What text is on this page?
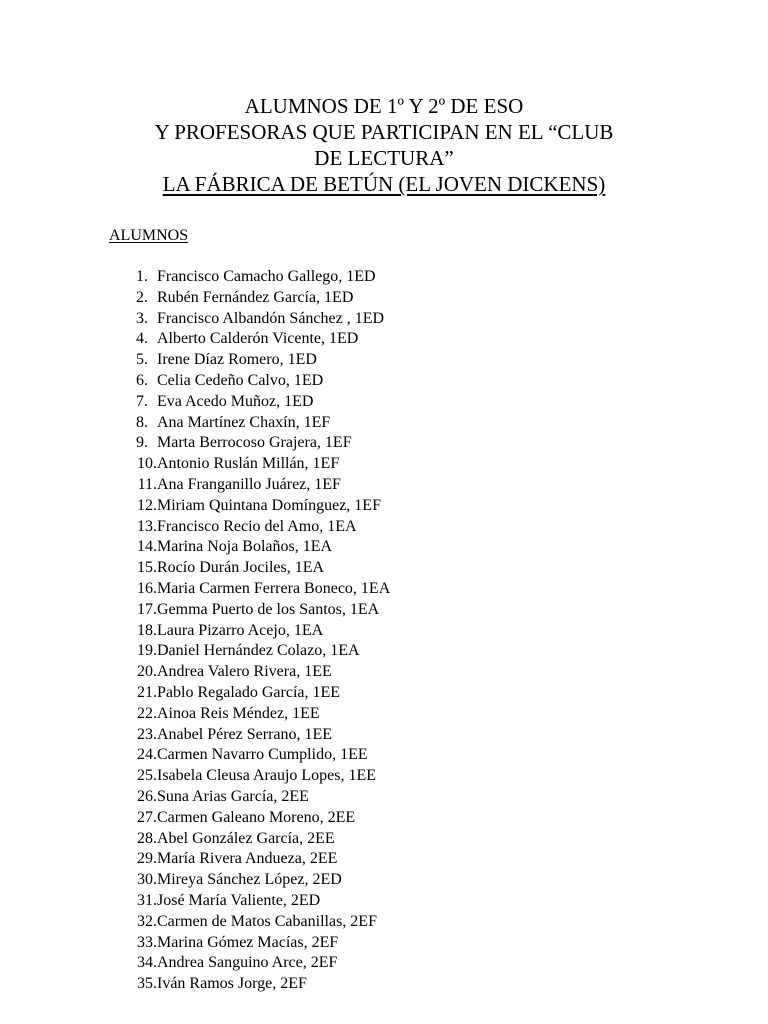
ALUMNOS DE 1º Y 2º DE ESO
Y PROFESORAS QUE PARTICIPAN EN EL “CLUB
DE LECTURA”
LA FÁBRICA DE BETÚN (EL JOVEN DICKENS)
ALUMNOS
1. Francisco Camacho Gallego, 1ED
2. Rubén Fernández García, 1ED
3. Francisco Albandón Sánchez , 1ED
4. Alberto Calderón Vicente, 1ED
5. Irene Díaz Romero, 1ED
6. Celia Cedeño Calvo, 1ED
7. Eva Acedo Muñoz, 1ED
8. Ana Martínez Chaxín, 1EF
9. Marta Berrocoso Grajera, 1EF
10. Antonio Ruslán Millán, 1EF
11. Ana Franganillo Juárez, 1EF
12. Miriam Quintana Domínguez, 1EF
13. Francisco Recio del Amo, 1EA
14. Marina Noja Bolaños, 1EA
15. Rocío Durán Jociles, 1EA
16. Maria Carmen Ferrera Boneco, 1EA
17. Gemma Puerto de los Santos, 1EA
18. Laura Pizarro Acejo, 1EA
19. Daniel Hernández Colazo, 1EA
20. Andrea Valero Rivera, 1EE
21. Pablo Regalado García, 1EE
22. Ainoa Reis Méndez, 1EE
23. Anabel Pérez Serrano, 1EE
24. Carmen Navarro Cumplido, 1EE
25. Isabela Cleusa Araujo Lopes, 1EE
26. Suna Arias García, 2EE
27. Carmen Galeano Moreno, 2EE
28. Abel González García, 2EE
29. María Rivera Andueza, 2EE
30. Mireya Sánchez López, 2ED
31. José María Valiente, 2ED
32. Carmen de Matos Cabanillas, 2EF
33. Marina Gómez Macías, 2EF
34. Andrea Sanguino Arce, 2EF
35. Iván Ramos Jorge, 2EF
